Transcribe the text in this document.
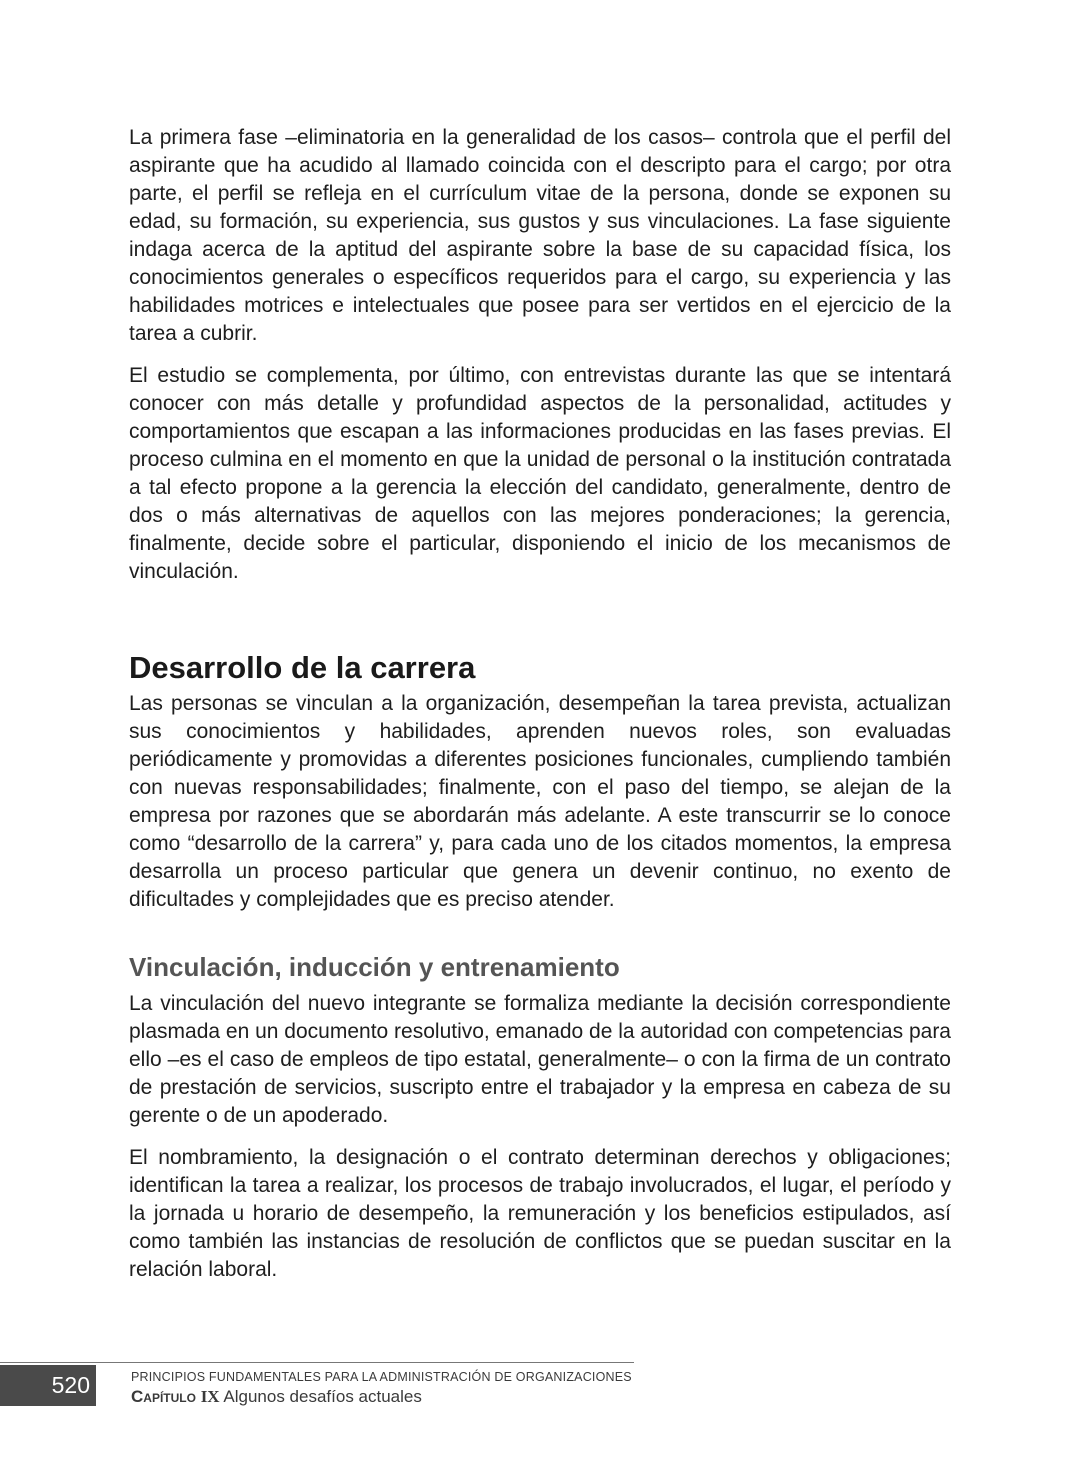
La primera fase –eliminatoria en la generalidad de los casos– controla que el perfil del aspirante que ha acudido al llamado coincida con el descripto para el cargo; por otra parte, el perfil se refleja en el currículum vitae de la persona, donde se exponen su edad, su formación, su experiencia, sus gustos y sus vinculaciones. La fase siguiente indaga acerca de la aptitud del aspirante sobre la base de su capacidad física, los conocimientos generales o específicos requeridos para el cargo, su experiencia y las habilidades motrices e intelectuales que posee para ser vertidos en el ejercicio de la tarea a cubrir.

El estudio se complementa, por último, con entrevistas durante las que se intentará conocer con más detalle y profundidad aspectos de la personalidad, actitudes y comportamientos que escapan a las informaciones producidas en las fases previas. El proceso culmina en el momento en que la unidad de personal o la institución contratada a tal efecto propone a la gerencia la elección del candidato, generalmente, dentro de dos o más alternativas de aquellos con las mejores ponderaciones; la gerencia, finalmente, decide sobre el particular, disponiendo el inicio de los mecanismos de vinculación.

Desarrollo de la carrera

Las personas se vinculan a la organización, desempeñan la tarea prevista, actualizan sus conocimientos y habilidades, aprenden nuevos roles, son evaluadas periódicamente y promovidas a diferentes posiciones funcionales, cumpliendo también con nuevas responsabilidades; finalmente, con el paso del tiempo, se alejan de la empresa por razones que se abordarán más adelante. A este transcurrir se lo conoce como “desarrollo de la carrera” y, para cada uno de los citados momentos, la empresa desarrolla un proceso particular que genera un devenir continuo, no exento de dificultades y complejidades que es preciso atender.

Vinculación, inducción y entrenamiento

La vinculación del nuevo integrante se formaliza mediante la decisión correspondiente plasmada en un documento resolutivo, emanado de la autoridad con competencias para ello –es el caso de empleos de tipo estatal, generalmente– o con la firma de un contrato de prestación de servicios, suscripto entre el trabajador y la empresa en cabeza de su gerente o de un apoderado.

El nombramiento, la designación o el contrato determinan derechos y obligaciones; identifican la tarea a realizar, los procesos de trabajo involucrados, el lugar, el período y la jornada u horario de desempeño, la remuneración y los beneficios estipulados, así como también las instancias de resolución de conflictos que se puedan suscitar en la relación laboral.

520	PRINCIPIOS FUNDAMENTALES PARA LA ADMINISTRACIÓN DE ORGANIZACIONES
Capítulo IX Algunos desafíos actuales
